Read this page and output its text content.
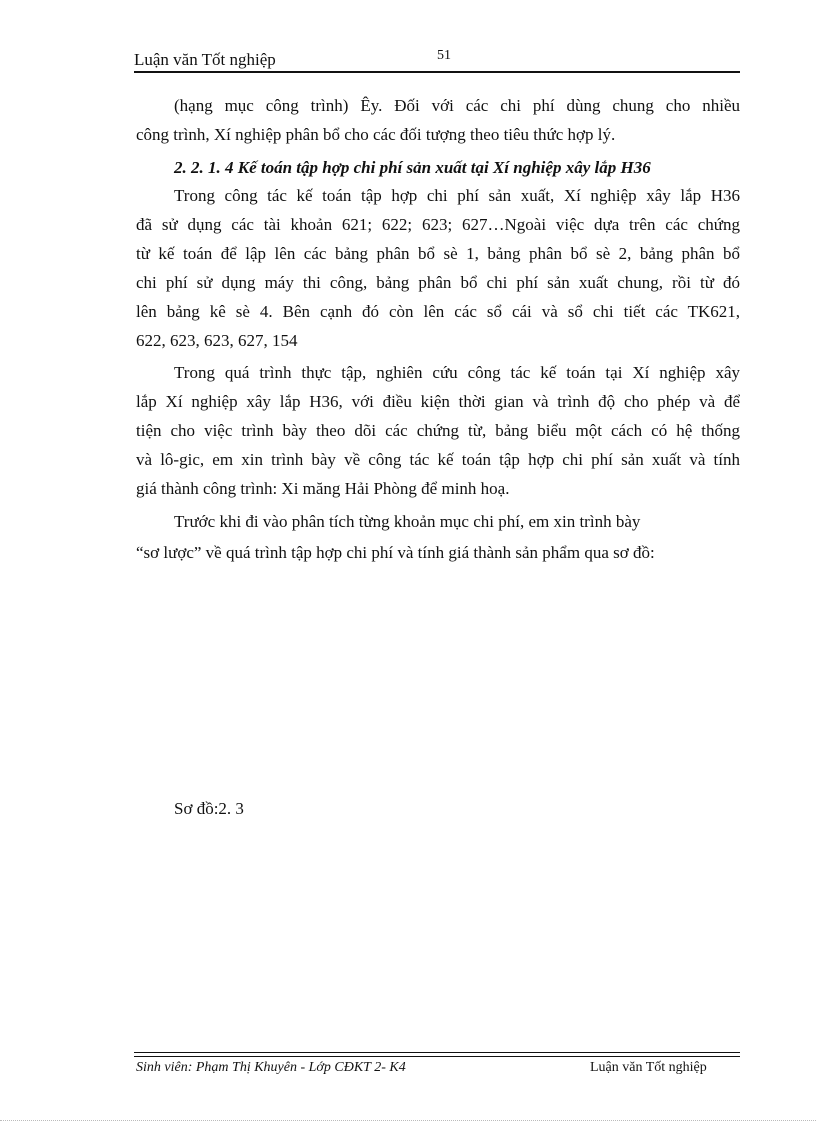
Luận văn Tốt nghiệp	51
(hạng mục công trình) Êy. Đối với các chi phí dùng chung cho nhiều
công trình, Xí nghiệp phân bổ cho các đối tượng theo tiêu thức hợp lý.
2. 2. 1. 4 Kế toán tập hợp chi phí sản xuất tại Xí nghiệp xây lắp H36
Trong công tác kế toán tập hợp chi phí sản xuất, Xí nghiệp xây lắp H36
đã sử dụng các tài khoản 621; 622; 623; 627…Ngoài việc dựa trên các chứng
từ kế toán để lập lên các bảng phân bổ sè 1, bảng phân bổ sè 2, bảng phân bổ
chi phí sử dụng máy thi công, bảng phân bổ chi phí sản xuất chung, rồi từ đó
lên bảng kê sè 4. Bên cạnh đó còn lên các sổ cái và sổ chi tiết các TK621,
622, 623, 623, 627, 154
Trong quá trình thực tập, nghiên cứu công tác kế toán tại Xí nghiệp xây
lắp Xí nghiệp xây lắp H36, với điều kiện thời gian và trình độ cho phép và để
tiện cho việc trình bày theo dõi các chứng từ, bảng biểu một cách có hệ thống
và lô-gic, em xin trình bày về công tác kế toán tập hợp chi phí sản xuất và tính
giá thành công trình: Xi măng Hải Phòng để minh hoạ.
Trước khi đi vào phân tích từng khoản mục chi phí, em xin trình bày
“sơ lược” về quá trình tập hợp chi phí và tính giá thành sản phẩm qua sơ đồ:
Sơ đồ:2. 3
Sinh viên: Phạm Thị Khuyên - Lớp CĐKT 2- K4	Luận văn Tốt nghiệp
